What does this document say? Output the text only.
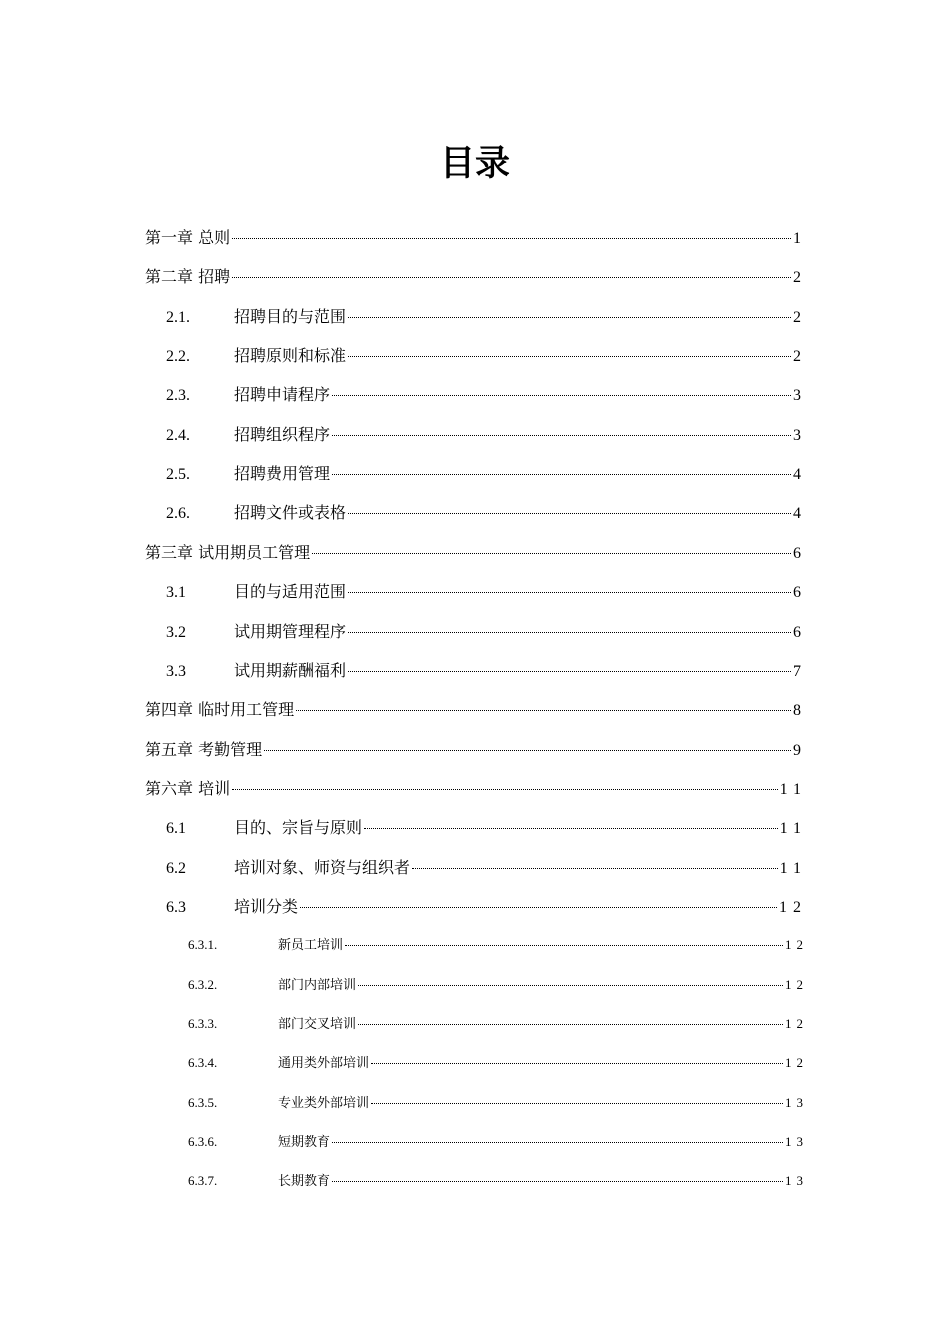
目录
第一章 总则	1
第二章 招聘	2
2.1.	招聘目的与范围	2
2.2.	招聘原则和标准	2
2.3.	招聘申请程序	3
2.4.	招聘组织程序	3
2.5.	招聘费用管理	4
2.6.	招聘文件或表格	4
第三章 试用期员工管理	6
3.1	目的与适用范围	6
3.2	试用期管理程序	6
3.3	试用期薪酬福利	7
第四章 临时用工管理	8
第五章 考勤管理	9
第六章 培训	11
6.1	目的、宗旨与原则	11
6.2	培训对象、师资与组织者	11
6.3	培训分类	12
6.3.1.	新员工培训	12
6.3.2.	部门内部培训	12
6.3.3.	部门交叉培训	12
6.3.4.	通用类外部培训	12
6.3.5.	专业类外部培训	13
6.3.6.	短期教育	13
6.3.7.	长期教育	13
